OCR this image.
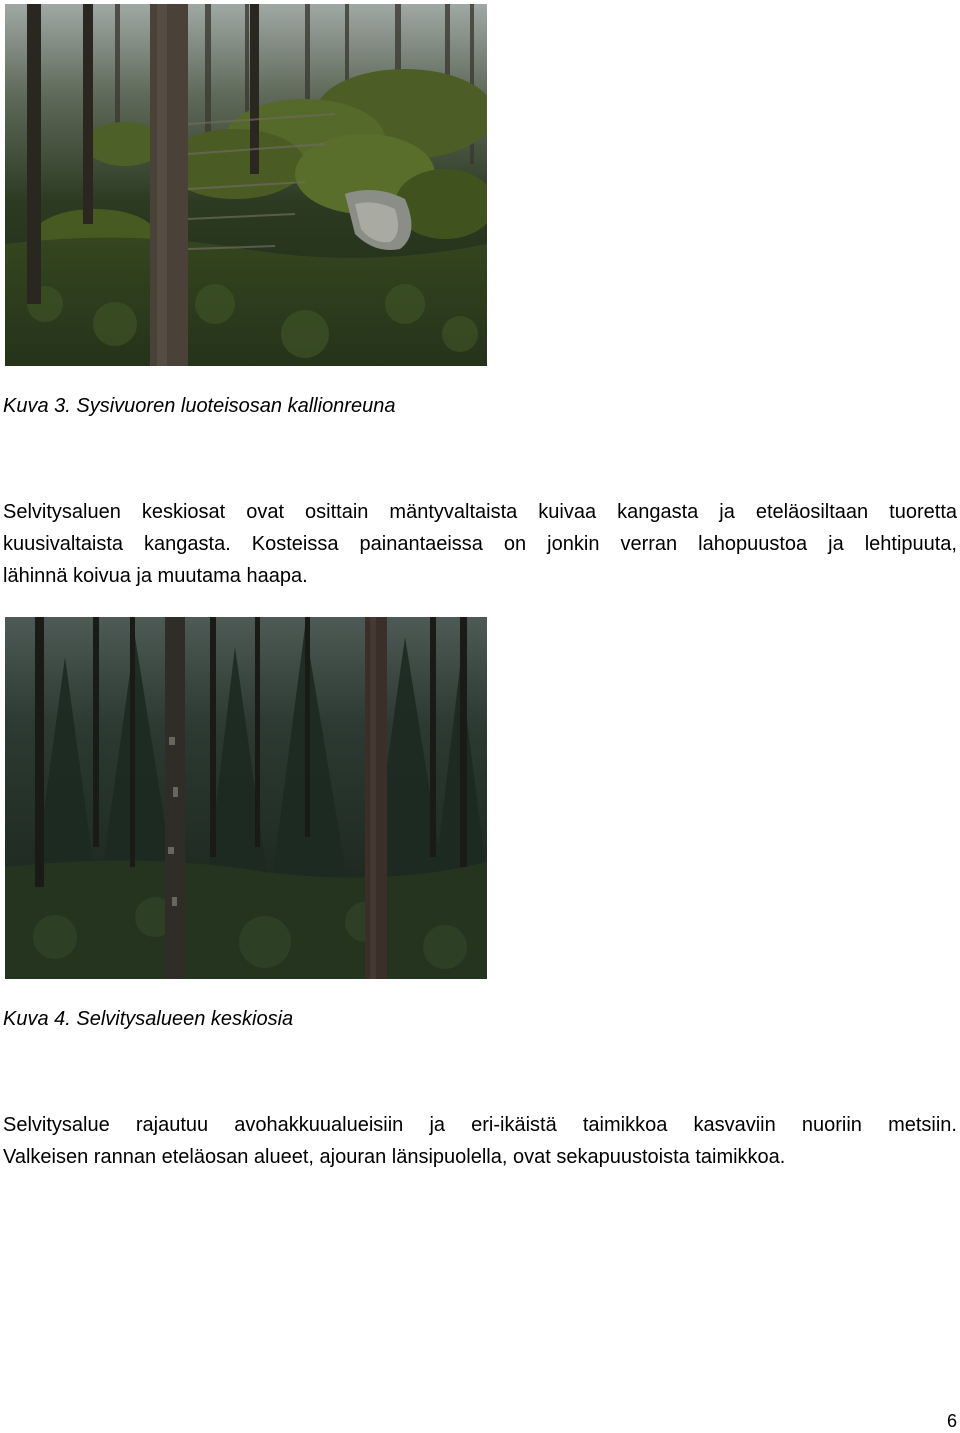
Kuva 3. Sysivuoren luoteisosan kallionreuna
Selvitysaluen keskiosat ovat osittain mäntyvaltaista kuivaa kangasta ja eteläosiltaan tuoretta
kuusivaltaista kangasta. Kosteissa painantaeissa on jonkin verran lahopuustoa ja lehtipuuta,
lähinnä koivua ja muutama haapa.
Kuva 4. Selvitysalueen keskiosia
Selvitysalue rajautuu avohakkuualueisiin ja eri-ikäistä taimikkoa kasvaviin nuoriin metsiin.
Valkeisen rannan eteläosan alueet, ajouran länsipuolella, ovat sekapuustoista taimikkoa.
6
